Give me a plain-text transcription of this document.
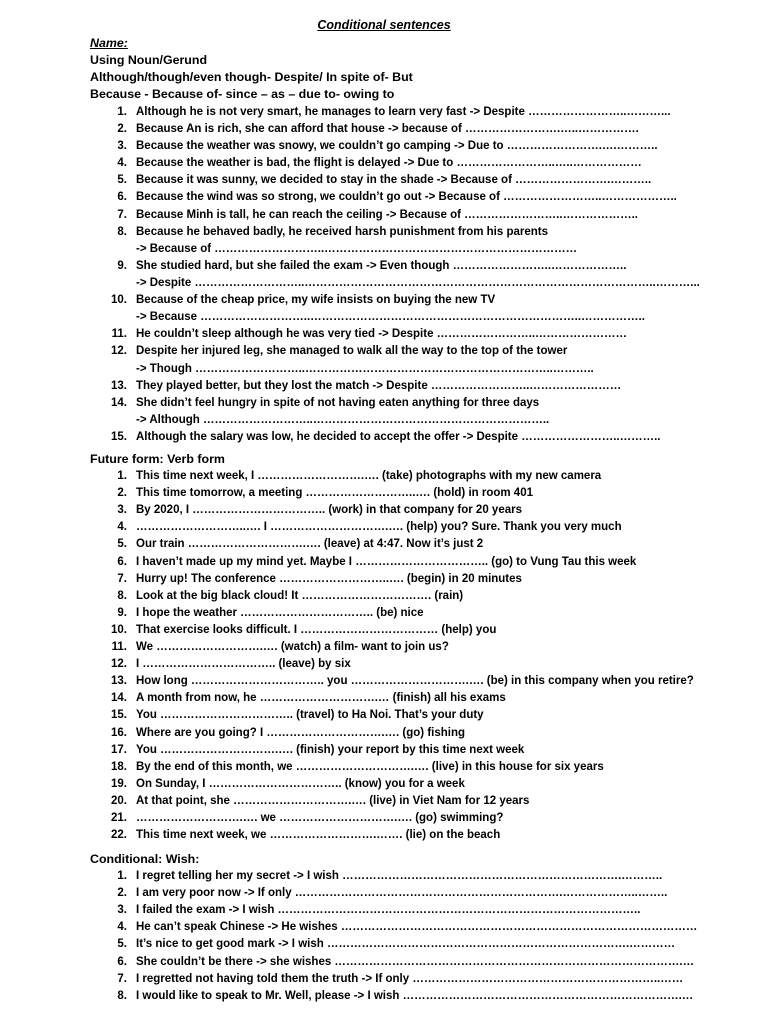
Conditional sentences
Name:
Using Noun/Gerund
Although/though/even though- Despite/ In spite of- But
Because - Because of- since – as – due to- owing to
1. Although he is not very smart, he manages to learn very fast -> Despite ……………………..………...
2. Because An is rich, she can afford that house -> because of …………………….…..…………….
3. Because the weather was snowy, we couldn’t go camping -> Due to …………………….….………..
4. Because the weather is bad, the flight is delayed -> Due to ……………………..…..………………
5. Because it was sunny, we decided to stay in the shade -> Because of …………………….………..
6. Because the wind was so strong, we couldn’t go out -> Because of ……………………..………………..
7. Because Minh is tall, he can reach the ceiling -> Because of ……………………..………………..
8. Because he behaved badly, he received harsh punishment from his parents
-> Because of ………………………..…………………………………………………………
9. She studied hard, but she failed the exam -> Even though ……………………..………………..
-> Despite ………………………..………………………………………………………………………………..………...
10. Because of the cheap price, my wife insists on buying the new TV
-> Because ………………………..……………………………………………………………..……………..
11. He couldn’t sleep although he was very tied -> Despite ……………………..……………………
12. Despite her injured leg, she managed to walk all the way to the top of the tower
-> Though ………………………..………………………………………………………..………..
13. They played better, but they lost the match -> Despite ……………………..……………………
14. She didn’t feel hungry in spite of not having eaten anything for three days
-> Although ………………………..……………………………………………………..
15. Although the salary was low, he decided to accept the offer -> Despite ……………………..………..
Future form: Verb form
1. This time next week, I ……………………….…. (take) photographs with my new camera
2. This time tomorrow, a meeting ………………………..…. (hold) in room 401
3. By 2020, I …………………………….. (work) in that company for 20 years
4. ………………………..…. I ………………………….…. (help) you? Sure. Thank you very much
5. Our train ………………………….…. (leave) at 4:47. Now it’s just 2
6. I haven’t made up my mind yet. Maybe I …………………………….. (go) to Vung Tau this week
7. Hurry up! The conference ………………………..…. (begin) in 20 minutes
8. Look at the big black cloud! It ……………………………. (rain)
9. I hope the weather …………………………….. (be) nice
10. That exercise looks difficult. I ……………………………… (help) you
11. We ……………………….…. (watch) a film- want to join us?
12. I …………………………….. (leave) by six
13. How long …………………………….. you ………………………….…. (be) in this company when you retire?
14. A month from now, he ………………………….… (finish) all his exams
15. You …………………………….. (travel) to Ha Noi. That’s your duty
16. Where are you going? I ………………………….…. (go) fishing
17. You ………………………….…. (finish) your report by this time next week
18. By the end of this month, we ………………………….…. (live) in this house for six years
19. On Sunday, I …………………………….. (know) you for a week
20. At that point, she ………………………….…. (live) in Viet Nam for 12 years
21. ……………………….…. we ………………………….…. (go) swimming?
22. This time next week, we ……………………….……. (lie) on the beach
Conditional: Wish:
1. I regret telling her my secret -> I wish ……………………………………………………………….………..
2. I am very poor now -> If only …………………………………………………………….………………..……..
3. I failed the exam -> I wish …………………………………………………………………………………..
4. He can’t speak Chinese -> He wishes …………………………………………………………………………………
5. It’s nice to get good mark -> I wish …………………………………………………………………….…………
6. She couldn’t be there -> she wishes ……………………………………………………………………………….…
7. I regretted not having told them the truth -> If only ………………………………………………………..……
8. I would like to speak to Mr. Well, please -> I wish ……………………………………………………………….…
